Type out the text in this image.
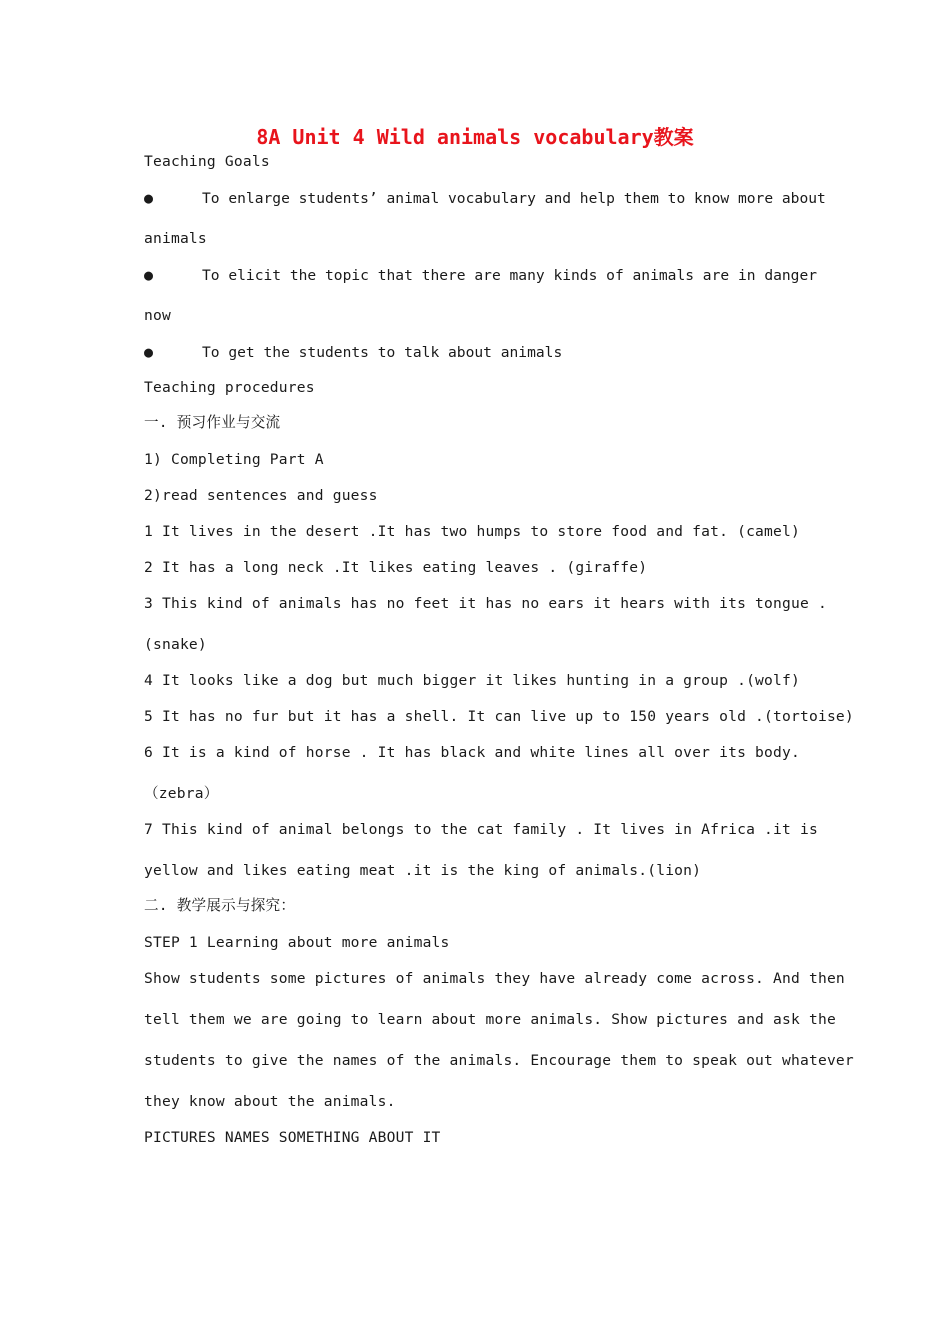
8A Unit 4 Wild animals vocabulary教案
Teaching Goals
●	To enlarge students’ animal vocabulary and help them to know more about
animals
●	To elicit the topic that there are many kinds of animals are in danger
now
●	To get the students to talk about animals
Teaching procedures
一. 预习作业与交流
1) Completing Part A
2)read sentences and guess
1 It lives in the desert .It has two humps to store food and fat. (camel)
2 It has a long neck .It likes eating leaves . (giraffe)
3 This kind of animals has no feet it has no ears it hears with its tongue .
(snake)
4 It looks like a dog but much bigger it likes hunting in a group .(wolf)
5 It has no fur but it has a shell. It can live up to 150 years old .(tortoise)
6 It is a kind of horse . It has black and white lines all over its body.
（zebra）
7 This kind of animal belongs to the cat family . It lives in Africa .it is
yellow and likes eating meat .it is the king of animals.(lion)
二. 教学展示与探究：
STEP 1 Learning about more animals
Show students some pictures of animals they have already come across. And then
tell them we are going to learn about more animals. Show pictures and ask the
students to give the names of the animals. Encourage them to speak out whatever
they know about the animals.
PICTURES NAMES SOMETHING ABOUT IT
